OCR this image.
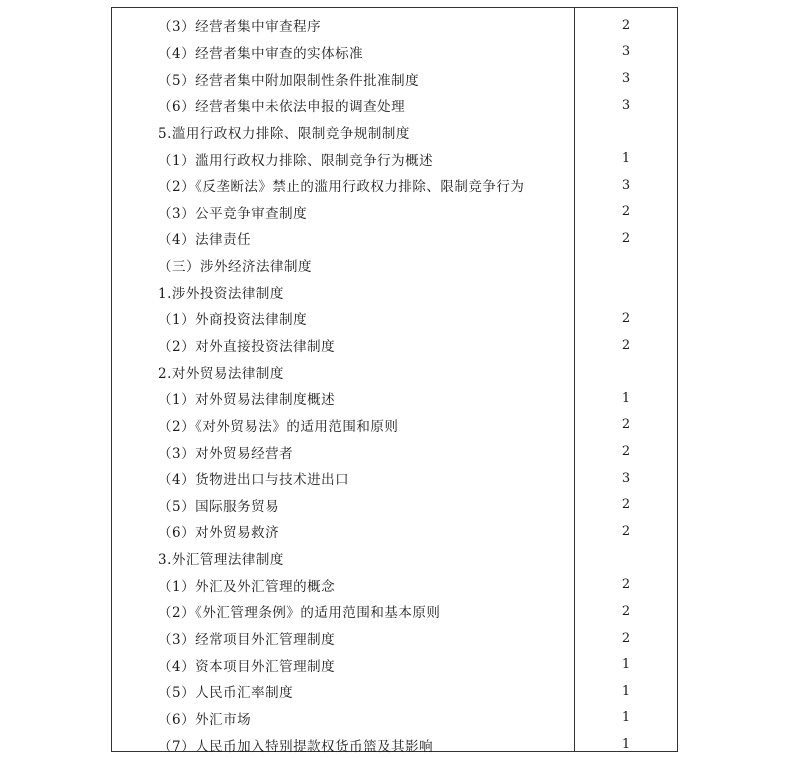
（3）经营者集中审查程序	2
（4）经营者集中审查的实体标准	3
（5）经营者集中附加限制性条件批准制度	3
（6）经营者集中未依法申报的调查处理	3
5.滥用行政权力排除、限制竞争规制制度
（1）滥用行政权力排除、限制竞争行为概述	1
（2）《反垄断法》禁止的滥用行政权力排除、限制竞争行为	3
（3）公平竞争审查制度	2
（4）法律责任	2
（三）涉外经济法律制度
1.涉外投资法律制度
（1）外商投资法律制度	2
（2）对外直接投资法律制度	2
2.对外贸易法律制度
（1）对外贸易法律制度概述	1
（2）《对外贸易法》的适用范围和原则	2
（3）对外贸易经营者	2
（4）货物进出口与技术进出口	3
（5）国际服务贸易	2
（6）对外贸易救济	2
3.外汇管理法律制度
（1）外汇及外汇管理的概念	2
（2）《外汇管理条例》的适用范围和基本原则	2
（3）经常项目外汇管理制度	2
（4）资本项目外汇管理制度	1
（5）人民币汇率制度	1
（6）外汇市场	1
（7）人民币加入特别提款权货币篮及其影响	1
